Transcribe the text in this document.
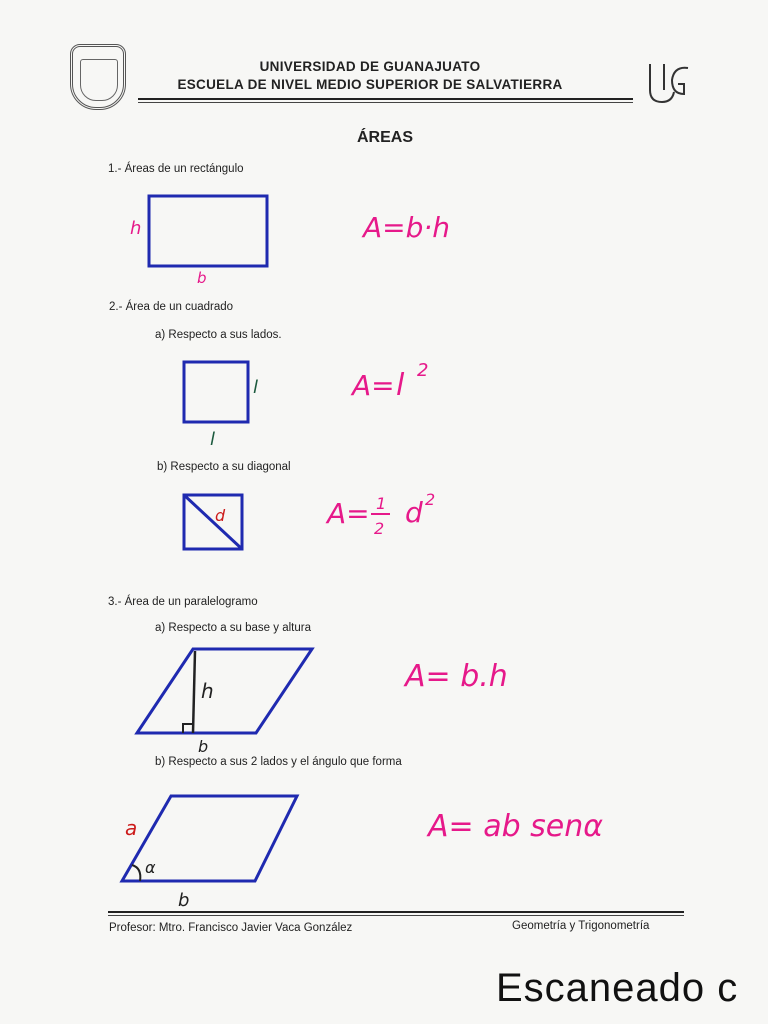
UNIVERSIDAD DE GUANAJUATO
ESCUELA DE NIVEL MEDIO SUPERIOR DE SALVATIERRA
ÁREAS
1.- Áreas de un rectángulo
2.- Área de un cuadrado
a) Respecto a sus lados.
b) Respecto a su diagonal
3.- Área de un paralelogramo
a) Respecto a su base y altura
b) Respecto a sus 2 lados y el ángulo que forma
h
b
A=b·h
l
l
A= l 2
d	A= 1
2 d 2
h
b
A= b.h
a
α
b
A= ab senα
Profesor: Mtro. Francisco Javier Vaca González	Geometría y Trigonometría
Escaneado c
